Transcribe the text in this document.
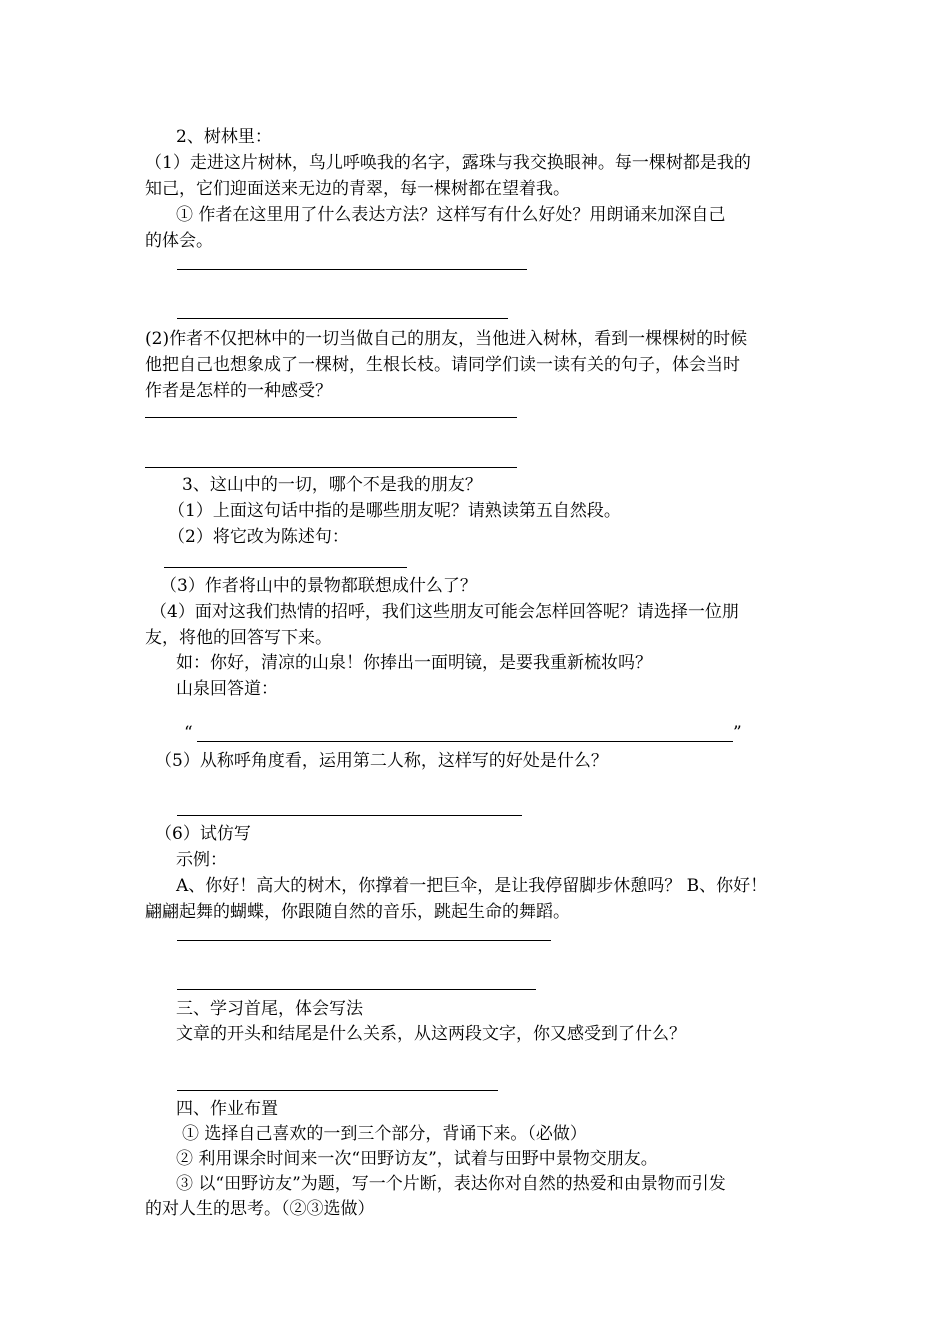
2、树林里：
（1）走进这片树林，鸟儿呼唤我的名字，露珠与我交换眼神。每一棵树都是我的
知己，它们迎面送来无边的青翠，每一棵树都在望着我。
① 作者在这里用了什么表达方法？这样写有什么好处？用朗诵来加深自己
的体会。
(2)作者不仅把林中的一切当做自己的朋友，当他进入树林，看到一棵棵树的时候
他把自己也想象成了一棵树，生根长枝。请同学们读一读有关的句子，体会当时
作者是怎样的一种感受？
3、这山中的一切，哪个不是我的朋友？
（1）上面这句话中指的是哪些朋友呢？请熟读第五自然段。
（2）将它改为陈述句：
（3）作者将山中的景物都联想成什么了？
（4）面对这我们热情的招呼，我们这些朋友可能会怎样回答呢？请选择一位朋
友，将他的回答写下来。
如：你好，清凉的山泉！你捧出一面明镜，是要我重新梳妆吗？
山泉回答道：
“	”
（5）从称呼角度看，运用第二人称，这样写的好处是什么？
（6）试仿写
示例：
A、你好！高大的树木，你撑着一把巨伞，是让我停留脚步休憩吗？ B、你好！
翩翩起舞的蝴蝶，你跟随自然的音乐，跳起生命的舞蹈。
三、学习首尾，体会写法
文章的开头和结尾是什么关系，从这两段文字，你又感受到了什么？
四、作业布置
① 选择自己喜欢的一到三个部分，背诵下来。（必做）
② 利用课余时间来一次“田野访友”，试着与田野中景物交朋友。
③ 以“田野访友”为题，写一个片断，表达你对自然的热爱和由景物而引发
的对人生的思考。（②③选做）
